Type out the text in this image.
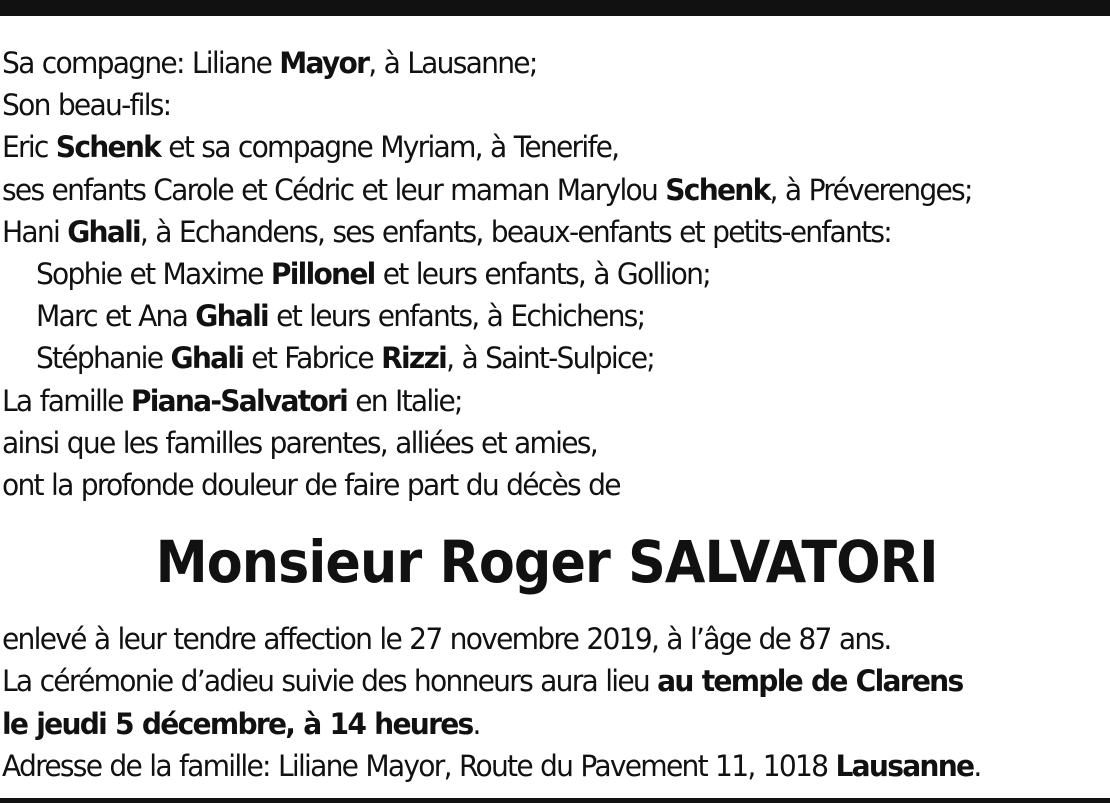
Sa compagne: Liliane Mayor, à Lausanne;
Son beau-fils:
Eric Schenk et sa compagne Myriam, à Tenerife,
ses enfants Carole et Cédric et leur maman Marylou Schenk, à Préverenges;
Hani Ghali, à Echandens, ses enfants, beaux-enfants et petits-enfants:
Sophie et Maxime Pillonel et leurs enfants, à Gollion;
Marc et Ana Ghali et leurs enfants, à Echichens;
Stéphanie Ghali et Fabrice Rizzi, à Saint-Sulpice;
La famille Piana-Salvatori en Italie;
ainsi que les familles parentes, alliées et amies,
ont la profonde douleur de faire part du décès de
Monsieur Roger SALVATORI
enlevé à leur tendre affection le 27 novembre 2019, à l’âge de 87 ans.
La cérémonie d’adieu suivie des honneurs aura lieu au temple de Clarens
le jeudi 5 décembre, à 14 heures.
Adresse de la famille: Liliane Mayor, Route du Pavement 11, 1018 Lausanne.
